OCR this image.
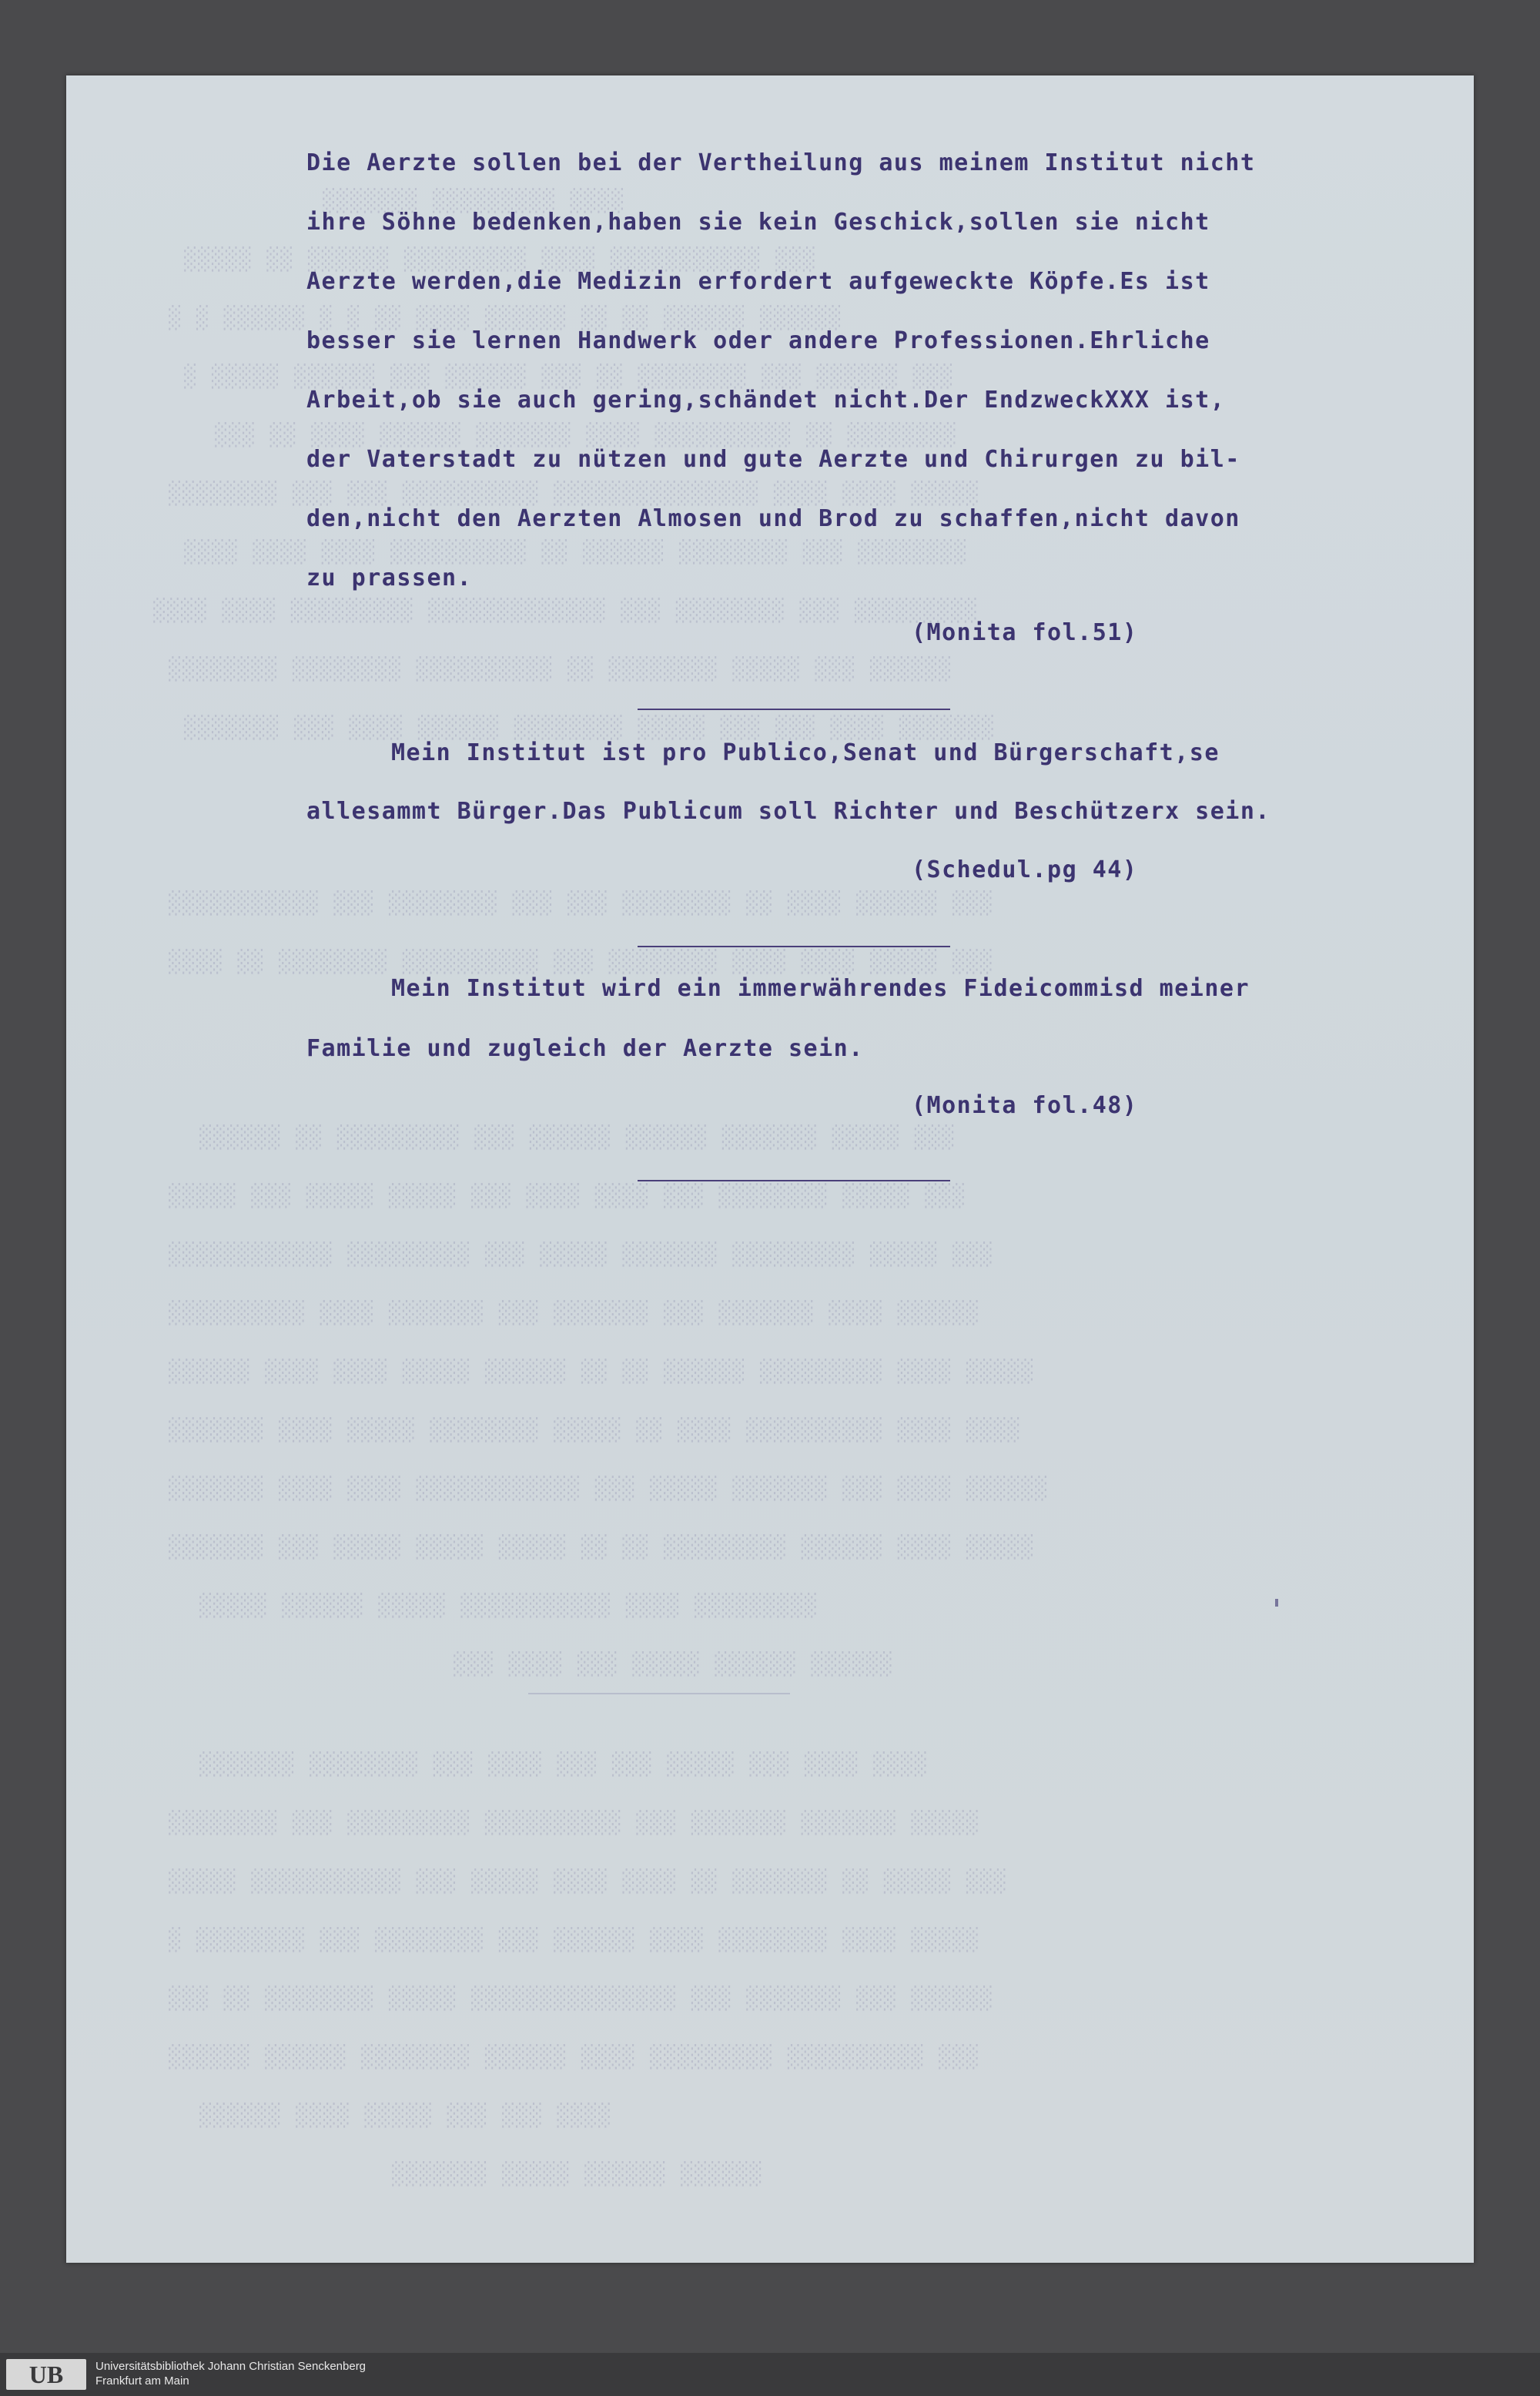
░░░░ ░░░░░░░░░ ░░░░░░░
░░░ ░░░░░░░░░░░ ░░░░ ░░░░░░░░░ ░░░░░░ ░░ ░░░░░
░░░░░░ ░░░░░░ ░░ ░░ ░░░░░░ ░░░░ ░░ ░ ░ ░░░░░░ ░ ░
░░░ ░░░░░░ ░░░ ░░░░░░░░ ░░ ░░░ ░░░░░░ ░░░ ░░░░░░ ░░░░░ ░
░░░░░░░░ ░░ ░░░░░░░░░░ ░░░░ ░░░░░░░ ░░░░░░ ░░░░ ░░ ░░░
░░░░░ ░░░░ ░░░░ ░░░░░░░░░░░░░░░ ░░░░░░░░░░ ░░░ ░░░ ░░░░░░░░
░░░░░░░░ ░░░ ░░░░░░░░ ░░░░░░ ░░ ░░░░░░░░░░ ░░░░ ░░░░ ░░░░
░░░░░░░░░ ░░░ ░░░░░░░░ ░░░ ░░░░░░░░░░░░░ ░░░░░░░░░ ░░░░ ░░░░
░░░░░░ ░░░ ░░░░░ ░░░░░░░░ ░░ ░░░░░░░░░░ ░░░░░░░░ ░░░░░░░░
░░░░░░░ ░░░░ ░░░ ░░░ ░░░░░ ░░░░░░░░ ░░░░░░ ░░░░ ░░░ ░░░░░░░
░░░ ░░░░░░ ░░░░ ░░ ░░░░░░░░ ░░░ ░░░ ░░░░░░░░ ░░░ ░░░░░░░░░░░
░░░ ░░░░░ ░░░░ ░░░░ ░░░░░░░░ ░░░ ░░░░░░░░░░ ░░░░░░░░ ░░ ░░░░
░░░ ░░░░░ ░░░░░░░ ░░░░░░ ░░░░░░ ░░░ ░░░░░░░░░ ░░ ░░░░░░
░░░ ░░░░░ ░░░░░░░░ ░░░ ░░░░ ░░░░ ░░░ ░░░░░ ░░░░░ ░░░ ░░░░░
░░░ ░░░░░ ░░░░░░░░░ ░░░░░░░ ░░░░░ ░░░ ░░░░░░░░░ ░░░░░░░░░░░░
░░░░░░ ░░░░ ░░░░░░░ ░░░ ░░░░░░░ ░░░ ░░░░░░░ ░░░░ ░░░░░░░░░░
░░░░░ ░░░░ ░░░░░░░░░ ░░░░░░ ░░ ░░ ░░░░░░ ░░░░░ ░░░░ ░░░░ ░░░░░░
░░░░ ░░░░ ░░░░░░░░░░ ░░░░ ░░ ░░░░░ ░░░░░░░░ ░░░░░ ░░░░ ░░░░░░░
░░░░░░ ░░░░ ░░░ ░░░░░░░ ░░░░░ ░░░ ░░░░░░░░░░░░ ░░░░ ░░░░ ░░░░░░░
░░░░░ ░░░░ ░░░░░░ ░░░░░░░░░ ░░ ░░ ░░░░░ ░░░░░ ░░░░░ ░░░ ░░░░░░░
░░░░░░░░░ ░░░░ ░░░░░░░░░░░ ░░░░░ ░░░░░░ ░░░░░
░░░░░░ ░░░░░░ ░░░░░ ░░░ ░░░░ ░░░
░░░░ ░░░░ ░░░ ░░░░░ ░░░ ░░░ ░░░░ ░░░ ░░░░░░░░ ░░░░░░░
░░░░░ ░░░░░░░ ░░░░░░░ ░░░ ░░░░░░░░░░ ░░░░░░░░░ ░░░ ░░░░░░░░
░░░ ░░░░░ ░░ ░░░░░░░ ░░ ░░░░ ░░░░ ░░░░░ ░░░ ░░░░░░░░░░░ ░░░░░
░░░░░ ░░░░ ░░░░░░░░ ░░░░ ░░░░░░ ░░░ ░░░░░░░░ ░░░ ░░░░░░░░ ░
░░░░░░ ░░░ ░░░░░░░ ░░░ ░░░░░░░░░░░░░░░ ░░░░░ ░░░░░░░░ ░░ ░░░
░░░ ░░░░░░░░░░ ░░░░░░░░░ ░░░░ ░░░░░░ ░░░░░░░░ ░░░░░░ ░░░░░░
░░░░ ░░░ ░░░ ░░░░░ ░░░░ ░░░░░░
░░░░░░ ░░░░░░ ░░░░░ ░░░░░░░
Die Aerzte sollen bei der Vertheilung aus meinem Institut nicht
ihre Söhne bedenken,haben sie kein Geschick,sollen sie nicht
Aerzte werden,die Medizin erfordert aufgeweckte Köpfe.Es ist
besser sie lernen Handwerk oder andere Professionen.Ehrliche
Arbeit,ob sie auch gering,schändet nicht.Der EndzweckXXX ist,
der Vaterstadt zu nützen und gute Aerzte und Chirurgen zu bil-
den,nicht den Aerzten Almosen und Brod zu schaffen,nicht davon
zu prassen.
(Monita fol.51)
Mein Institut ist pro Publico,Senat und Bürgerschaft,se
allesammt Bürger.Das Publicum soll Richter und Beschützerx sein.
(Schedul.pg 44)
Mein Institut wird ein immerwährendes Fideicommisd meiner
Familie und zugleich der Aerzte sein.
(Monita fol.48)
UB	Universitätsbibliothek Johann Christian Senckenberg
Frankfurt am Main
